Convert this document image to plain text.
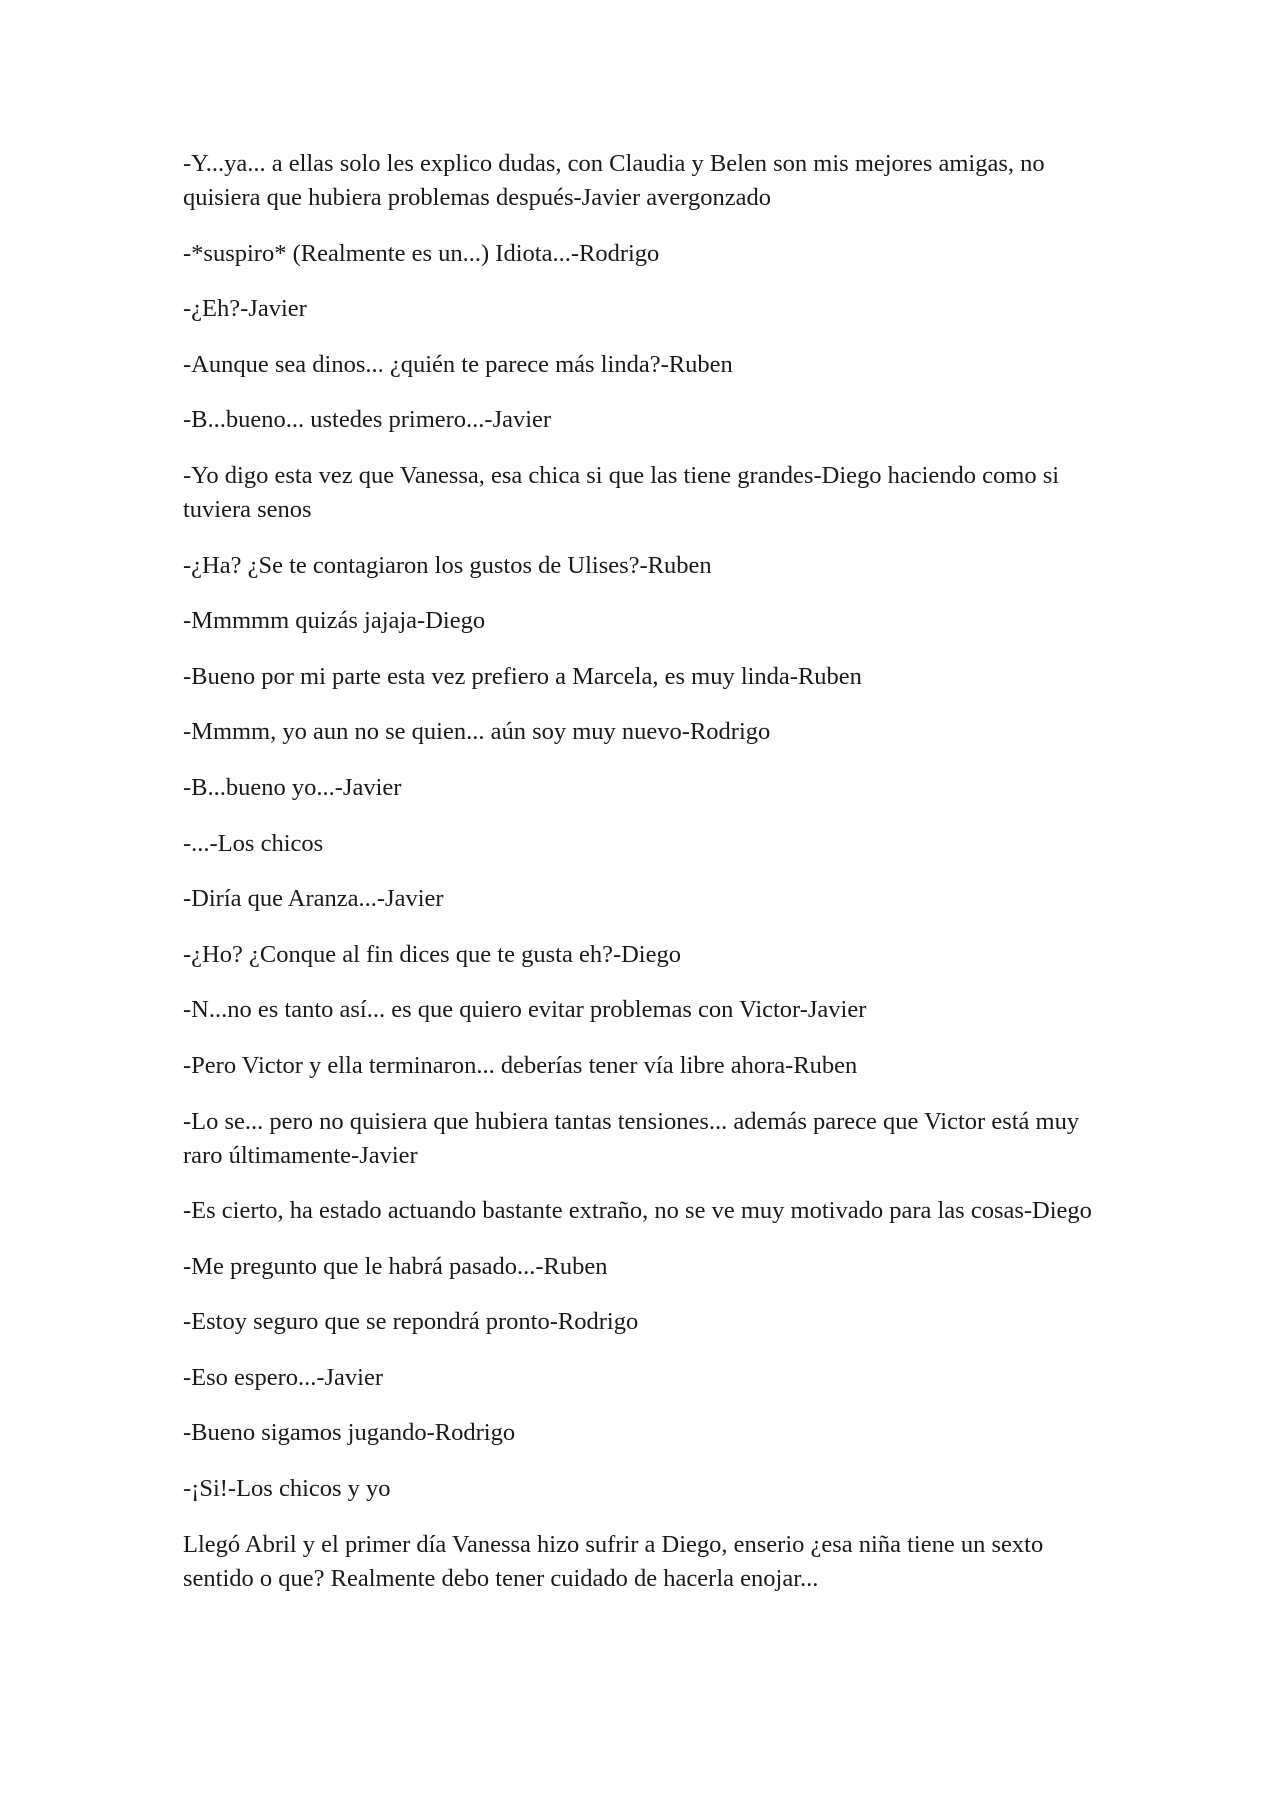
-Y...ya... a ellas solo les explico dudas, con Claudia y Belen son mis mejores amigas, no quisiera que hubiera problemas después-Javier avergonzado

-*suspiro* (Realmente es un...) Idiota...-Rodrigo

-¿Eh?-Javier

-Aunque sea dinos... ¿quién te parece más linda?-Ruben

-B...bueno... ustedes primero...-Javier

-Yo digo esta vez que Vanessa, esa chica si que las tiene grandes-Diego haciendo como si tuviera senos

-¿Ha? ¿Se te contagiaron los gustos de Ulises?-Ruben

-Mmmmm quizás jajaja-Diego

-Bueno por mi parte esta vez prefiero a Marcela, es muy linda-Ruben

-Mmmm, yo aun no se quien... aún soy muy nuevo-Rodrigo

-B...bueno yo...-Javier

-...-Los chicos

-Diría que Aranza...-Javier

-¿Ho? ¿Conque al fin dices que te gusta eh?-Diego

-N...no es tanto así... es que quiero evitar problemas con Victor-Javier

-Pero Victor y ella terminaron... deberías tener vía libre ahora-Ruben

-Lo se... pero no quisiera que hubiera tantas tensiones... además parece que Victor está muy raro últimamente-Javier

-Es cierto, ha estado actuando bastante extraño, no se ve muy motivado para las cosas-Diego

-Me pregunto que le habrá pasado...-Ruben

-Estoy seguro que se repondrá pronto-Rodrigo

-Eso espero...-Javier

-Bueno sigamos jugando-Rodrigo

-¡Si!-Los chicos y yo

Llegó Abril y el primer día Vanessa hizo sufrir a Diego, enserio ¿esa niña tiene un sexto sentido o que? Realmente debo tener cuidado de hacerla enojar...
